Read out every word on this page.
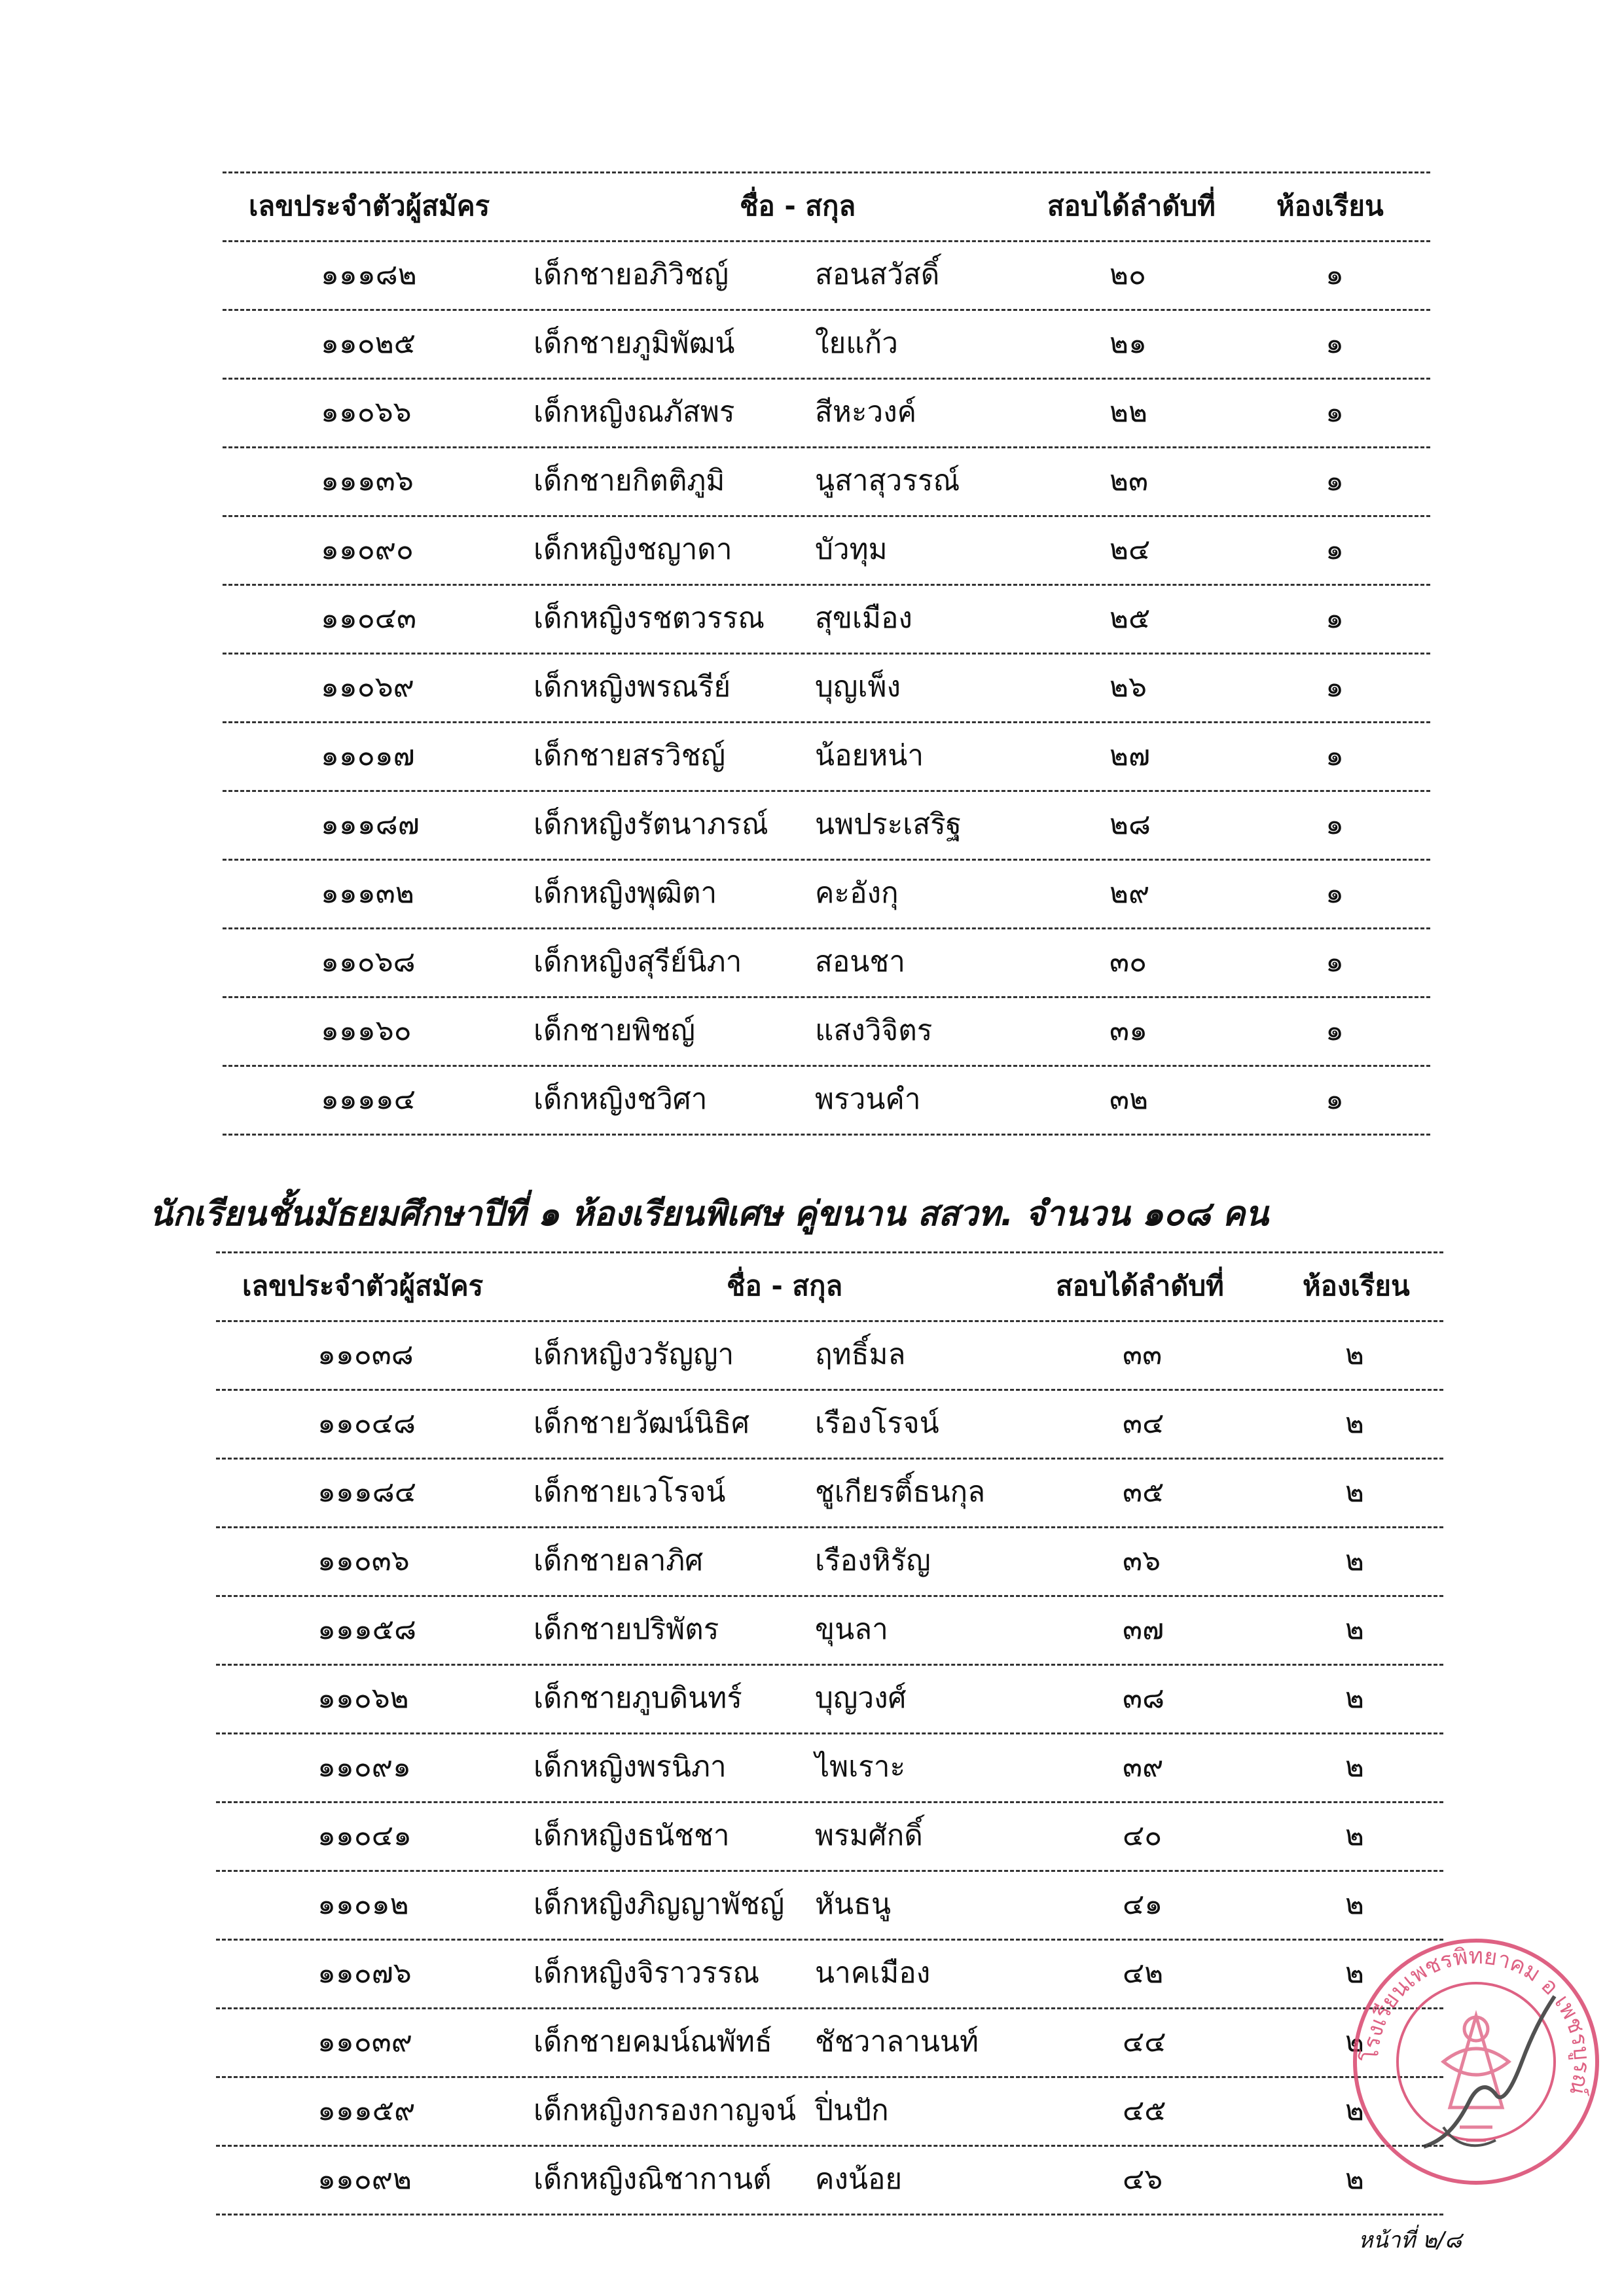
เลขประจำตัวผู้สมัคร	ชื่อ - สกุล	สอบได้ลำดับที่ ห้องเรียน
๑๑๑๘๒	เด็กชายอภิวิชญ์	สอนสวัสดิ์	๒๐	๑
๑๑๐๒๕	เด็กชายภูมิพัฒน์	ใยแก้ว	๒๑	๑
๑๑๐๖๖	เด็กหญิงณภัสพร	สีหะวงค์	๒๒	๑
๑๑๑๓๖	เด็กชายกิตติภูมิ	นูสาสุวรรณ์	๒๓	๑
๑๑๐๙๐	เด็กหญิงชญาดา	บัวทุม	๒๔	๑
๑๑๐๔๓	เด็กหญิงรชตวรรณ สุขเมือง	๒๕	๑
๑๑๐๖๙	เด็กหญิงพรณรีย์	บุญเพ็ง	๒๖	๑
๑๑๐๑๗	เด็กชายสรวิชญ์	น้อยหน่า	๒๗	๑
๑๑๑๘๗	เด็กหญิงรัตนาภรณ์ นพประเสริฐ	๒๘	๑
๑๑๑๓๒	เด็กหญิงพุฒิตา	คะอังกุ	๒๙	๑
๑๑๐๖๘	เด็กหญิงสุรีย์นิภา	สอนชา	๓๐	๑
๑๑๑๖๐	เด็กชายพิชญ์	แสงวิจิตร	๓๑	๑
๑๑๑๑๔	เด็กหญิงชวิศา	พรวนคำ	๓๒	๑
นักเรียนชั้นมัธยมศึกษาปีที่ ๑ ห้องเรียนพิเศษ คู่ขนาน สสวท. จำนวน ๑๐๘ คน
เลขประจำตัวผู้สมัคร	ชื่อ - สกุล	สอบได้ลำดับที่	ห้องเรียน
๑๑๐๓๘	เด็กหญิงวรัญญา	ฤทธิ์มล	๓๓	๒
๑๑๐๔๘	เด็กชายวัฒน์นิธิศ เรืองโรจน์	๓๔	๒
๑๑๑๘๔	เด็กชายเวโรจน์	ชูเกียรติ์ธนกุล	๓๕	๒
๑๑๐๓๖	เด็กชายลาภิศ	เรืองหิรัญ	๓๖	๒
๑๑๑๕๘	เด็กชายปริพัตร	ขุนลา	๓๗	๒
๑๑๐๖๒	เด็กชายภูบดินทร์	บุญวงศ์	๓๘	๒
๑๑๐๙๑	เด็กหญิงพรนิภา	ไพเราะ	๓๙	๒
๑๑๐๔๑	เด็กหญิงธนัชชา	พรมศักดิ์	๔๐	๒
๑๑๐๑๒	เด็กหญิงภิญญาพัชญ์ หันธนู	๔๑	๒
๑๑๐๗๖	เด็กหญิงจิราวรรณ นาคเมือง	๔๒	๒
๑๑๐๓๙	เด็กชายคมน์ณพัทธ์ ชัชวาลานนท์	๔๔	๒
๑๑๑๕๙	เด็กหญิงกรองกาญจน์ ปิ่นปัก	๔๕	๒
๑๑๐๙๒	เด็กหญิงณิชากานต์ คงน้อย	๔๖	๒
โรงเรียนเพชรพิทยาคม อ.เพชรบูรณ์
หน้าที่ ๒/๘
